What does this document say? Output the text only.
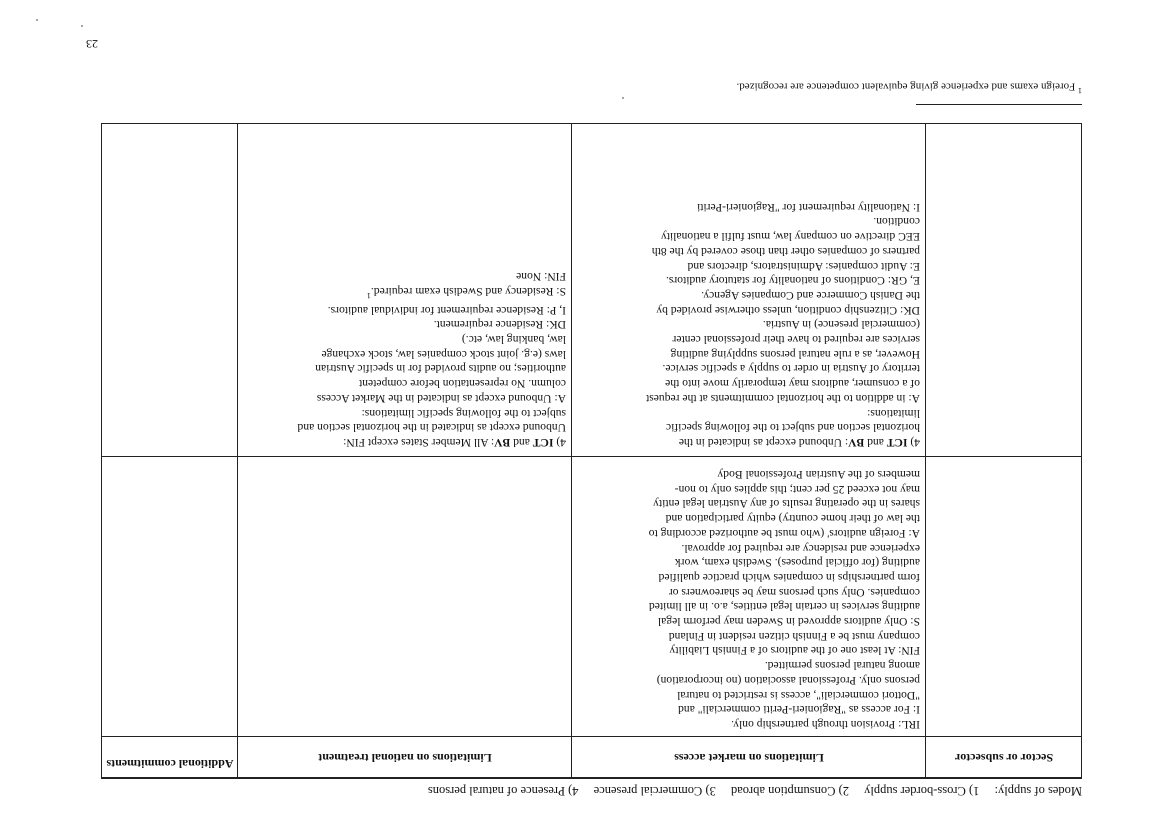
Modes of supply: 1) Cross-border supply 2) Consumption abroad 3) Commercial presence 4) Presence of natural persons
Sector or subsector
Limitations on market access
Limitations on national treatment
Additional commitments

IRL: Provision through partnership only.

I: For access as "Ragionieri-Periti commerciali" and

"Dottori commerciali", access is restricted to natural

persons only. Professional association (no incorporation)

among natural persons permitted.

FIN: At least one of the auditors of a Finnish Liability

company must be a Finnish citizen resident in Finland

S: Only auditors approved in Sweden may perform legal

auditing services in certain legal entities, a.o. in all limited

companies. Only such persons may be shareowners or

form partnerships in companies which practice qualified

auditing (for official purposes). Swedish exam, work

experience and residency are required for approval.

A: Foreign auditors' (who must be authorized according to

the law of their home country) equity participation and

shares in the operating results of any Austrian legal entity

may not exceed 25 per cent; this applies only to non-

members of the Austrian Professional Body

4) ICT and BV: Unbound except as indicated in the

horizontal section and subject to the following specific

limitations:

A: in addition to the horizontal commitments at the request

of a consumer, auditors may temporarily move into the

territory of Austria in order to supply a specific service.

However, as a rule natural persons supplying auditing

services are required to have their professional center

(commercial presence) in Austria.

DK: Citizenship condition, unless otherwise provided by

the Danish Commerce and Companies Agency.

E, GR: Conditions of nationality for statutory auditors.

E: Audit companies: Administrators, directors and

partners of companies other than those covered by the 8th

EEC directive on company law, must fulfil a nationality

condition.

I: Nationality requirement for "Ragionieri-Periti

4) ICT and BV: All Member States except FIN:

Unbound except as indicated in the horizontal section and

subject to the following specific limitations:

A: Unbound except as indicated in the Market Access

column. No representation before competent

authorities; no audits provided for in specific Austrian

laws (e.g. joint stock companies law, stock exchange

law, banking law, etc.)

DK: Residence requirement.

I, P: Residence requirement for individual auditors.

S: Residency and Swedish exam required.$^1$

FIN: None

$^1$ Foreign exams and experience giving equivalent competence are recognized.
23
